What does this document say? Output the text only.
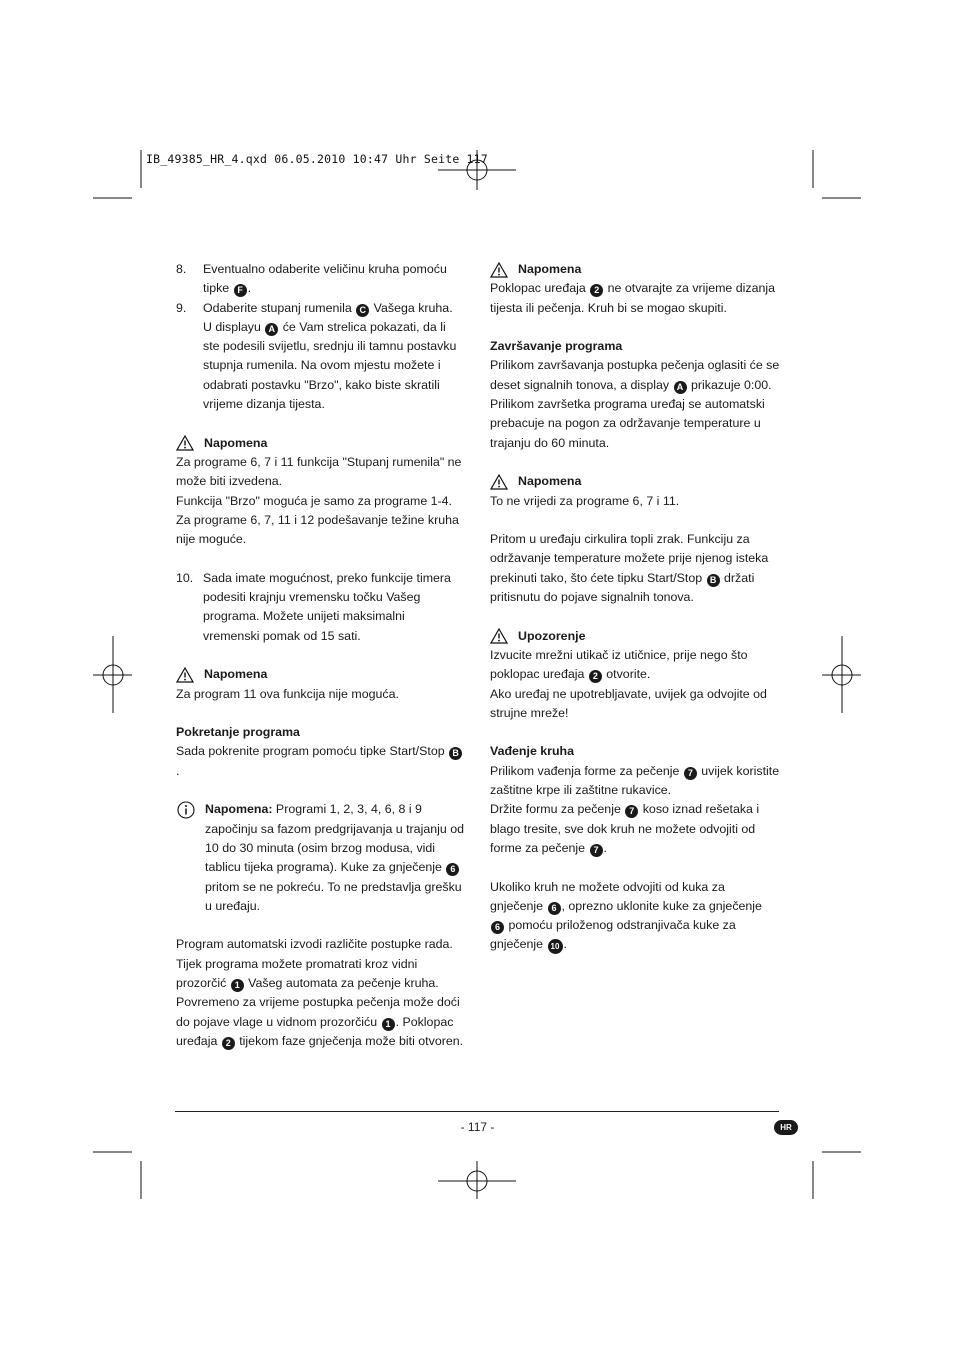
IB_49385_HR_4.qxd 06.05.2010 10:47 Uhr Seite 117
8.	Eventualno odaberite veličinu kruha pomoću tipke F .
9.	Odaberite stupanj rumenila C Vašega kruha. U displayu A će Vam strelica pokazati, da li ste podesili svijetlu, srednju ili tamnu postavku stupnja rumenila. Na ovom mjestu možete i odabrati postavku "Brzo", kako biste skratili vrijeme dizanja tijesta.
Napomena

Za programe 6, 7 i 11 funkcija "Stupanj rumenila" ne može biti izvedena.

Funkcija "Brzo" moguća je samo za programe 1-4.

Za programe 6, 7, 11 i 12 podešavanje težine kruha nije moguće.

10. Sada imate mogućnost, preko funkcije timera podesiti krajnju vremensku točku Vašeg programa. Možete unijeti maksimalni vremenski pomak od 15 sati.
Napomena

Za program 11 ova funkcija nije moguća.

Pokretanje programa

Sada pokrenite program pomoću tipke Start/Stop B.

Napomena: Programi 1, 2, 3, 4, 6, 8 i 9 započinju sa fazom predgrijavanja u trajanju od 10 do 30 minuta (osim brzog modusa, vidi tablicu tijeka programa). Kuke za gnječenje 6 pritom se ne pokreću. To ne predstavlja grešku u uređaju.

Program automatski izvodi različite postupke rada. Tijek programa možete promatrati kroz vidni prozorčić 1 Vašeg automata za pečenje kruha. Povremeno za vrijeme postupka pečenja može doći do pojave vlage u vidnom prozorčiću 1 . Poklopac uređaja 2 tijekom faze gnječenja može biti otvoren.

Napomena

Poklopac uređaja 2 ne otvarajte za vrijeme dizanja tijesta ili pečenja. Kruh bi se mogao skupiti.

Završavanje programa

Prilikom završavanja postupka pečenja oglasiti će se deset signalnih tonova, a display A prikazuje 0:00.

Prilikom završetka programa uređaj se automatski prebacuje na pogon za održavanje temperature u trajanju do 60 minuta.

Napomena

To ne vrijedi za programe 6, 7 i 11.

Pritom u uređaju cirkulira topli zrak. Funkciju za održavanje temperature možete prije njenog isteka prekinuti tako, što ćete tipku Start/Stop B držati pritisnutu do pojave signalnih tonova.

Upozorenje

Izvucite mrežni utikač iz utičnice, prije nego što poklopac uređaja 2 otvorite.

Ako uređaj ne upotrebljavate, uvijek ga odvojite od strujne mreže!

Vađenje kruha

Prilikom vađenja forme za pečenje 7 uvijek koristite zaštitne krpe ili zaštitne rukavice.

Držite formu za pečenje 7 koso iznad rešetaka i blago tresite, sve dok kruh ne možete odvojiti od forme za pečenje 7 .

Ukoliko kruh ne možete odvojiti od kuka za gnječenje 6 , oprezno uklonite kuke za gnječenje 6 pomoću priloženog odstranjivača kuke za gnječenje 10 .

- 117 -	HR
